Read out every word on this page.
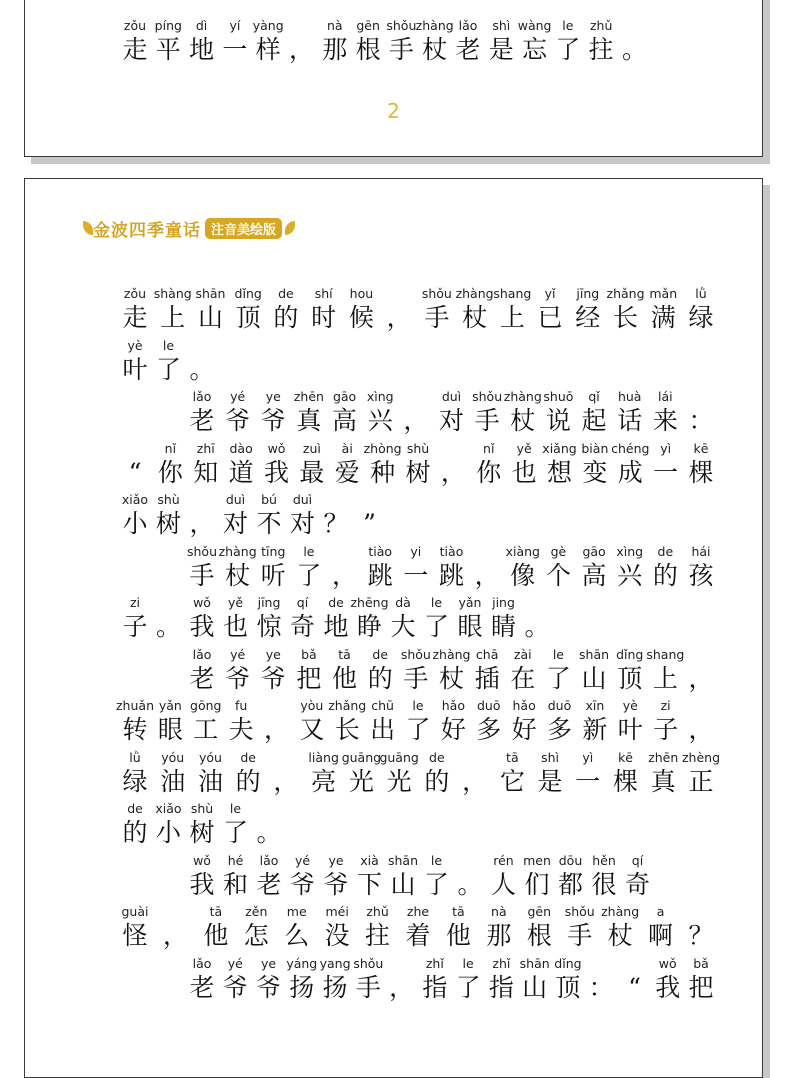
zǒu
走
píng
平
dì
地
yí
一
yàng
样 ，
nà
那
gēn
根
shǒu
手
zhàng
杖
lǎo
老
shì
是
wàng
忘
le
了
zhǔ
拄 。
2
金波四季童话 注音美绘版
zǒu
走
shàng
上
shān
山
dǐng
顶
de
的
shí
时
hou
候 ，
shǒu
手
zhàng
杖
shang
上
yǐ
已
jīng
经
zhǎng
长
mǎn
满
lǜ
绿
yè
叶
le
了 。
lǎo
老
yé
爷
ye
爷
zhēn
真
gāo
高
xìng
兴 ，
duì
对
shǒu
手
zhàng
杖
shuō
说
qǐ
起
huà
话
lái
来 ：
“
nǐ
你
zhī
知
dào
道
wǒ
我
zuì
最
ài
爱
zhòng
种
shù
树 ，
nǐ
你
yě
也
xiǎng
想
biàn
变
chéng
成
yì
一
kē
棵
xiǎo
小
shù
树 ，
duì
对
bú
不
duì
对 ？ ”
shǒu
手
zhàng
杖
tīng
听
le
了 ，
tiào
跳
yi
一
tiào
跳 ，
xiàng
像
gè
个
gāo
高
xìng
兴
de
的
hái
孩
zi
子 。
wǒ
我
yě
也
jīng
惊
qí
奇
de
地
zhēng
睁
dà
大
le
了
yǎn
眼
jing
睛 。
lǎo
老
yé
爷
ye
爷
bǎ
把
tā
他
de
的
shǒu
手
zhàng
杖
chā
插
zài
在
le
了
shān
山
dǐng
顶
shang
上 ，
zhuǎn
转
yǎn
眼
gōng
工
fu
夫 ，
yòu
又
zhǎng
长
chū
出
le
了
hǎo
好
duō
多
hǎo
好
duō
多
xīn
新
yè
叶
zi
子 ，
lǜ
绿
yóu
油
yóu
油
de
的 ，
liàng
亮
guāng
光
guāng
光
de
的 ，
tā
它
shì
是
yì
一
kē
棵
zhēn
真
zhèng
正
de
的
xiǎo
小
shù
树
le
了 。
wǒ
我
hé
和
lǎo
老
yé
爷
ye
爷
xià
下
shān
山
le
了 。
rén
人
men
们
dōu
都
hěn
很
qí
奇
guài
怪 ，
tā
他
zěn
怎
me
么
méi
没
zhǔ
拄
zhe
着
tā
他
nà
那
gēn
根
shǒu
手
zhàng
杖
a
啊 ？
lǎo
老
yé
爷
ye
爷
yáng
扬
yang
扬
shǒu
手 ，
zhǐ
指
le
了
zhǐ
指
shān
山
dǐng
顶 ： “
wǒ
我
bǎ
把
